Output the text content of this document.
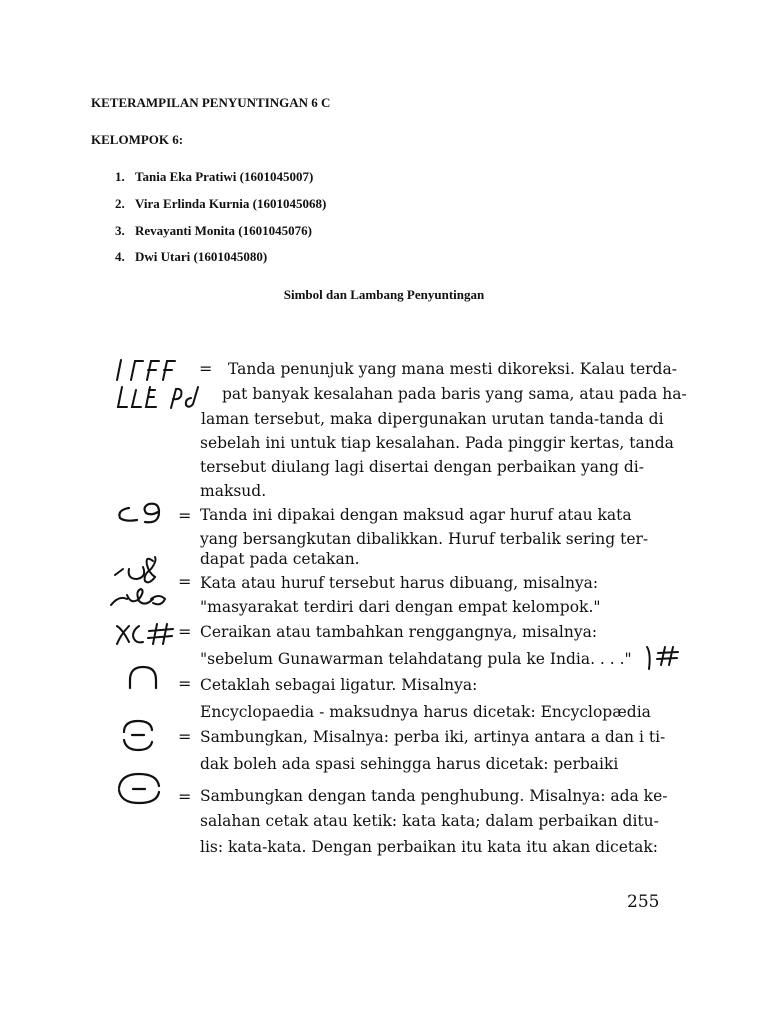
KETERAMPILAN PENYUNTINGAN 6 C
KELOMPOK 6:
1. Tania Eka Pratiwi (1601045007)
2. Vira Erlinda Kurnia (1601045068)
3. Revayanti Monita (1601045076)
4. Dwi Utari (1601045080)
Simbol dan Lambang Penyuntingan
=
=
=
=
=
=
=
Tanda penunjuk yang mana mesti dikoreksi. Kalau terda-
pat banyak kesalahan pada baris yang sama, atau pada ha-
laman tersebut, maka dipergunakan urutan tanda-tanda di
sebelah ini untuk tiap kesalahan. Pada pinggir kertas, tanda
tersebut diulang lagi disertai dengan perbaikan yang di-
maksud.
Tanda ini dipakai dengan maksud agar huruf atau kata
yang bersangkutan dibalikkan. Huruf terbalik sering ter-
dapat pada cetakan.
Kata atau huruf tersebut harus dibuang, misalnya:
"masyarakat terdiri dari dengan empat kelompok."
Ceraikan atau tambahkan renggangnya, misalnya:
"sebelum Gunawarman telahdatang pula ke India. . . ."
Cetaklah sebagai ligatur. Misalnya:
Encyclopaedia - maksudnya harus dicetak: Encyclopædia
Sambungkan, Misalnya: perba iki, artinya antara a dan i ti-
dak boleh ada spasi sehingga harus dicetak: perbaiki
Sambungkan dengan tanda penghubung. Misalnya: ada ke-
salahan cetak atau ketik: kata kata; dalam perbaikan ditu-
lis: kata-kata. Dengan perbaikan itu kata itu akan dicetak:
255
